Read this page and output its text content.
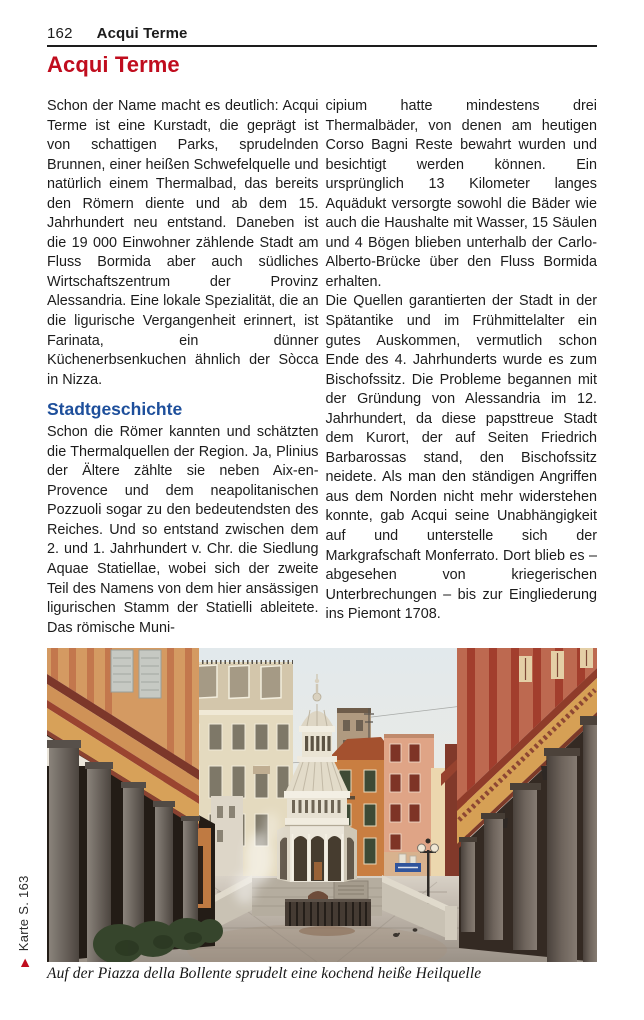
162 Acqui Terme
Acqui Terme

Schon der Name macht es deutlich: Acqui Terme ist eine Kurstadt, die geprägt ist von schattigen Parks, sprudelnden Brunnen, einer heißen Schwefelquelle und natürlich einem Thermalbad, das bereits den Römern diente und ab dem 15. Jahrhundert neu entstand. Daneben ist die 19 000 Einwohner zählende Stadt am Fluss Bormida aber auch südliches Wirtschaftszentrum der Provinz Alessandria. Eine lokale Spezialität, die an die ligurische Vergangenheit erinnert, ist Farinata, ein dünner Küchenerbsenkuchen ähnlich der Sòcca in Nizza.

Stadtgeschichte

Schon die Römer kannten und schätzten die Thermalquellen der Region. Ja, Plinius der Ältere zählte sie neben Aix-en-Provence und dem neapolitanischen Pozzuoli sogar zu den bedeutendsten des Reiches. Und so entstand zwischen dem 2. und 1. Jahrhundert v. Chr. die Siedlung Aquae Statiellae, wobei sich der zweite Teil des Namens von dem hier ansässigen ligurischen Stamm der Statielli ableitete. Das römische Muni-

cipium hatte mindestens drei Thermalbäder, von denen am heutigen Corso Bagni Reste bewahrt wurden und besichtigt werden können. Ein ursprünglich 13 Kilometer langes Aquädukt versorgte sowohl die Bäder wie auch die Haushalte mit Wasser, 15 Säulen und 4 Bögen blieben unterhalb der Carlo-Alberto-Brücke über den Fluss Bormida erhalten.

Die Quellen garantierten der Stadt in der Spätantike und im Frühmittelalter ein gutes Auskommen, vermutlich schon Ende des 4. Jahrhunderts wurde es zum Bischofssitz. Die Probleme begannen mit der Gründung von Alessandria im 12. Jahrhundert, da diese papsttreue Stadt dem Kurort, der auf Seiten Friedrich Barbarossas stand, den Bischofssitz neidete. Als man den ständigen Angriffen aus dem Norden nicht mehr widerstehen konnte, gab Acqui seine Unabhängigkeit auf und unterstelle sich der Markgrafschaft Monferrato. Dort blieb es – abgesehen von kriegerischen Unterbrechungen – bis zur Eingliederung ins Piemont 1708.

Auf der Piazza della Bollente sprudelt eine kochend heiße Heilquelle
▶Karte S. 163
